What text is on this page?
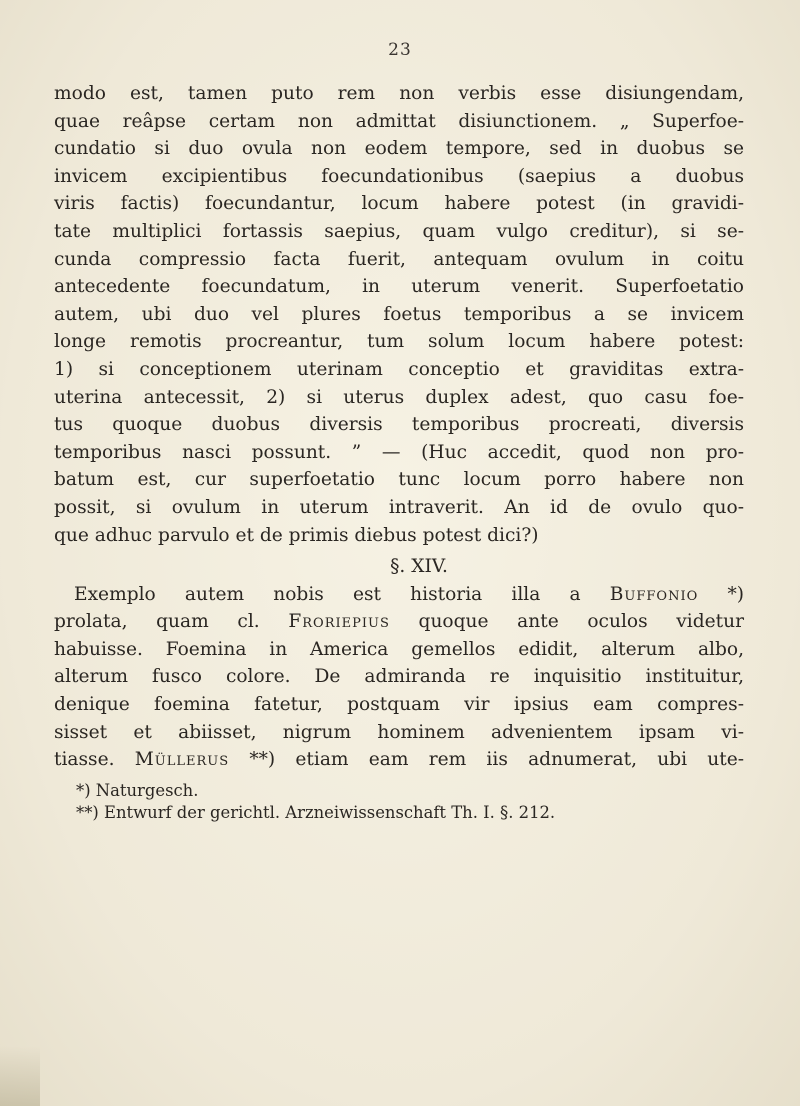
23
modo est, tamen puto rem non verbis esse disiungendam,
quae reâpse certam non admittat disiunctionem. „ Superfoe-
cundatio si duo ovula non eodem tempore, sed in duobus se
invicem excipientibus foecundationibus (saepius a duobus
viris factis) foecundantur, locum habere potest (in gravidi-
tate multiplici fortassis saepius, quam vulgo creditur), si se-
cunda compressio facta fuerit, antequam ovulum in coitu
antecedente foecundatum, in uterum venerit. Superfoetatio
autem, ubi duo vel plures foetus temporibus a se invicem
longe remotis procreantur, tum solum locum habere potest:
1) si conceptionem uterinam conceptio et graviditas extra-
uterina antecessit, 2) si uterus duplex adest, quo casu foe-
tus quoque duobus diversis temporibus procreati, diversis
temporibus nasci possunt. ” — (Huc accedit, quod non pro-
batum est, cur superfoetatio tunc locum porro habere non
possit, si ovulum in uterum intraverit. An id de ovulo quo-
que adhuc parvulo et de primis diebus potest dici?)
§. XIV.
Exemplo autem nobis est historia illa a Buffonio *)
prolata, quam cl. Froriepius quoque ante oculos videtur
habuisse. Foemina in America gemellos edidit, alterum albo,
alterum fusco colore. De admiranda re inquisitio instituitur,
denique foemina fatetur, postquam vir ipsius eam compres-
sisset et abiisset, nigrum hominem advenientem ipsam vi-
tiasse. Müllerus **) etiam eam rem iis adnumerat, ubi ute-
*) Naturgesch.
**) Entwurf der gerichtl. Arzneiwissenschaft Th. I. §. 212.
